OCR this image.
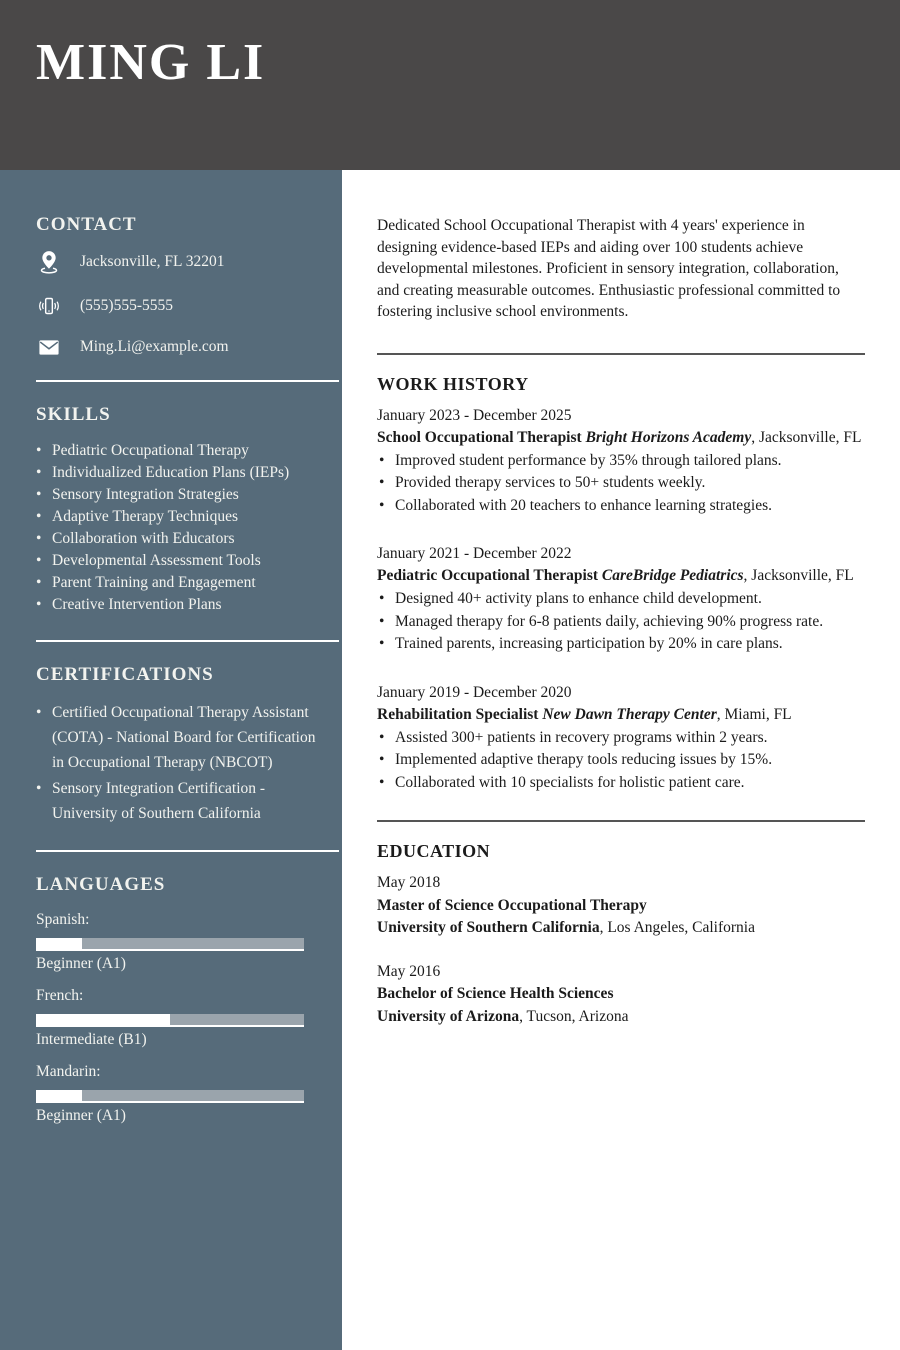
MING LI
CONTACT
Jacksonville, FL 32201
(555)555-5555
Ming.Li@example.com
SKILLS
• Pediatric Occupational Therapy
• Individualized Education Plans (IEPs)
• Sensory Integration Strategies
• Adaptive Therapy Techniques
• Collaboration with Educators
• Developmental Assessment Tools
• Parent Training and Engagement
• Creative Intervention Plans
CERTIFICATIONS
• Certified Occupational Therapy Assistant (COTA) - National Board for Certification in Occupational Therapy (NBCOT)
• Sensory Integration Certification - University of Southern California
LANGUAGES
Spanish:
Beginner (A1)
French:
Intermediate (B1)
Mandarin:
Beginner (A1)

Dedicated School Occupational Therapist with 4 years' experience in designing evidence-based IEPs and aiding over 100 students achieve developmental milestones. Proficient in sensory integration, collaboration, and creating measurable outcomes. Enthusiastic professional committed to fostering inclusive school environments.

WORK HISTORY
January 2023 - December 2025
School Occupational Therapist Bright Horizons Academy, Jacksonville, FL
• Improved student performance by 35% through tailored plans.
• Provided therapy services to 50+ students weekly.
• Collaborated with 20 teachers to enhance learning strategies.
January 2021 - December 2022
Pediatric Occupational Therapist CareBridge Pediatrics, Jacksonville, FL
• Designed 40+ activity plans to enhance child development.
• Managed therapy for 6-8 patients daily, achieving 90% progress rate.
• Trained parents, increasing participation by 20% in care plans.
January 2019 - December 2020
Rehabilitation Specialist New Dawn Therapy Center, Miami, FL
• Assisted 300+ patients in recovery programs within 2 years.
• Implemented adaptive therapy tools reducing issues by 15%.
• Collaborated with 10 specialists for holistic patient care.
EDUCATION
May 2018
Master of Science Occupational Therapy
University of Southern California, Los Angeles, California
May 2016
Bachelor of Science Health Sciences
University of Arizona, Tucson, Arizona
